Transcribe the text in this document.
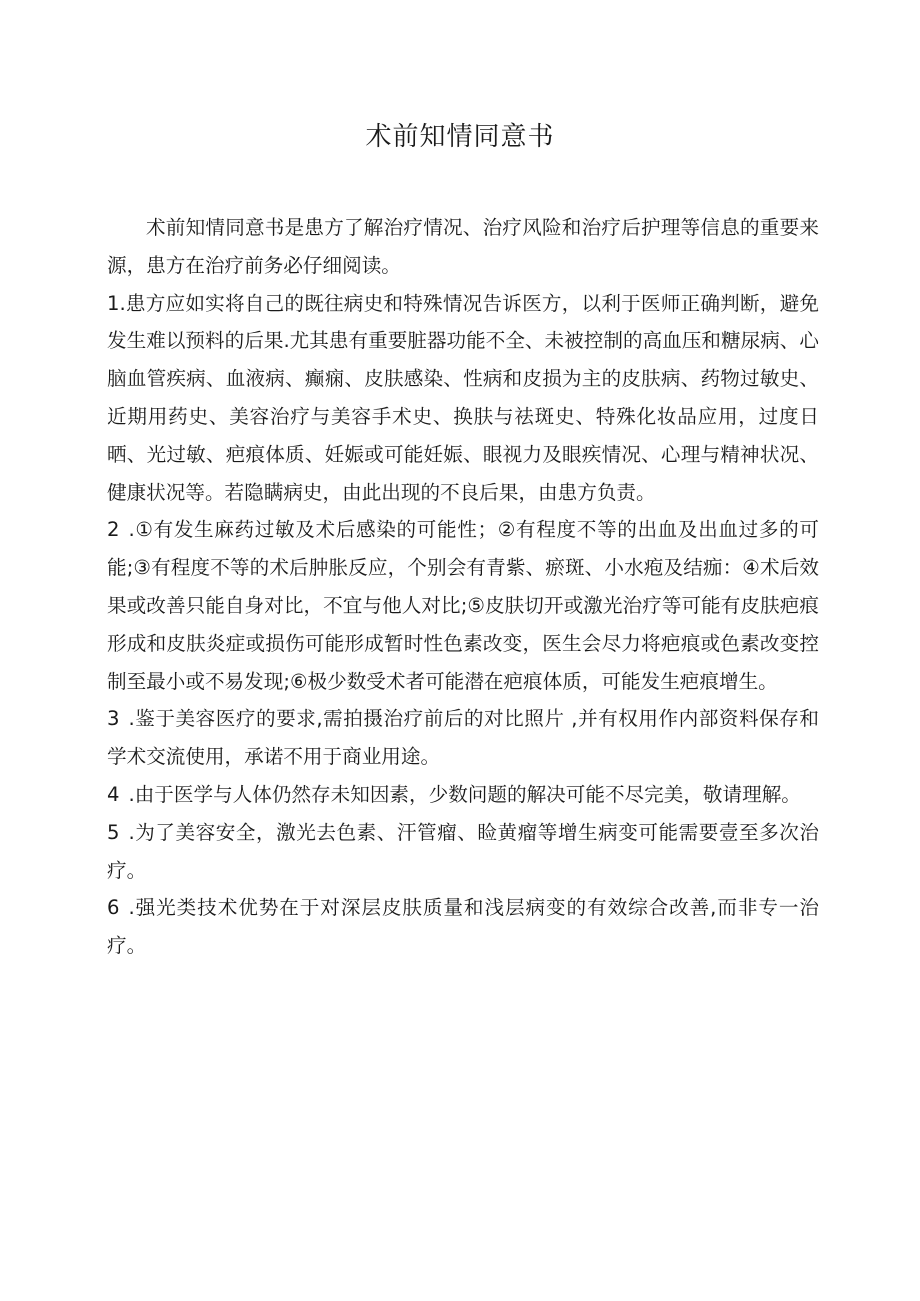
术前知情同意书

术前知情同意书是患方了解治疗情况、治疗风险和治疗后护理等信息的重要来源，患方在治疗前务必仔细阅读。

1.患方应如实将自己的既往病史和特殊情况告诉医方，以利于医师正确判断，避免发生难以预料的后果.尤其患有重要脏器功能不全、未被控制的高血压和糖尿病、心脑血管疾病、血液病、癫痫、皮肤感染、性病和皮损为主的皮肤病、药物过敏史、近期用药史、美容治疗与美容手术史、换肤与祛斑史、特殊化妆品应用，过度日晒、光过敏、疤痕体质、妊娠或可能妊娠、眼视力及眼疾情况、心理与精神状况、健康状况等。若隐瞒病史，由此出现的不良后果，由患方负责。

2 .①有发生麻药过敏及术后感染的可能性；②有程度不等的出血及出血过多的可能;③有程度不等的术后肿胀反应，个别会有青紫、瘀斑、小水疱及结痂：④术后效果或改善只能自身对比，不宜与他人对比;⑤皮肤切开或激光治疗等可能有皮肤疤痕形成和皮肤炎症或损伤可能形成暂时性色素改变，医生会尽力将疤痕或色素改变控制至最小或不易发现;⑥极少数受术者可能潜在疤痕体质，可能发生疤痕增生。

3 .鉴于美容医疗的要求,需拍摄治疗前后的对比照片 ,并有权用作内部资料保存和学术交流使用，承诺不用于商业用途。

4 .由于医学与人体仍然存未知因素，少数问题的解决可能不尽完美，敬请理解。

5 .为了美容安全，激光去色素、汗管瘤、睑黄瘤等增生病变可能需要壹至多次治疗。

6 .强光类技术优势在于对深层皮肤质量和浅层病变的有效综合改善,而非专一治疗。
